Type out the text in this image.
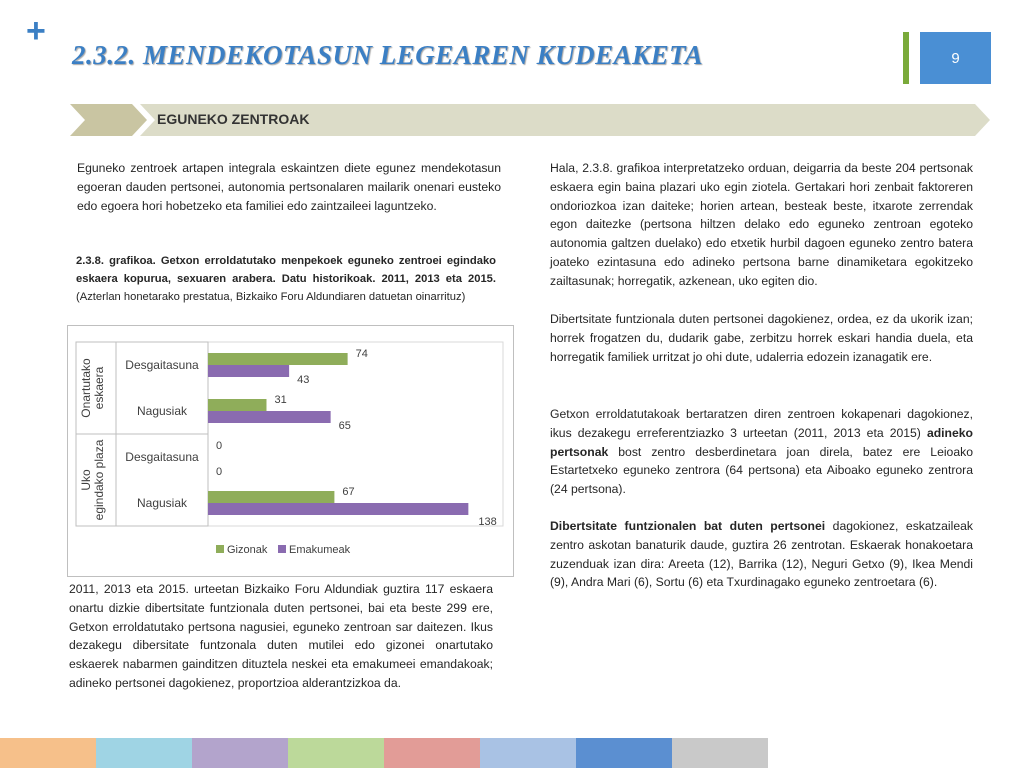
+
2.3.2. MENDEKOTASUN LEGEAREN KUDEAKETA	9
EGUNEKO ZENTROAK

Eguneko zentroek artapen integrala eskaintzen diete egunez mendekotasun egoeran dauden pertsonei, autonomia pertsonalaren mailarik onenari eusteko edo egoera hori hobetzeko eta familiei edo zaintzaileei laguntzeko.

2.3.8. grafikoa. Getxon erroldatutako menpekoek eguneko zentroei egindako eskaera kopurua, sexuaren arabera. Datu historikoak. 2011, 2013 eta 2015. (Azterlan honetarako prestatua, Bizkaiko Foru Aldundiaren datuetan oinarrituz)
Desgaitasuna
Nagusiak
Desgaitasuna
Nagusiak
Onartutakoeskaera
Ukoegindako plaza
74
43
31
65
0
0
67
138
Gizonak Emakumeak

2011, 2013 eta 2015. urteetan Bizkaiko Foru Aldundiak guztira 117 eskaera onartu dizkie dibertsitate funtzionala duten pertsonei, bai eta beste 299 ere, Getxon erroldatutako pertsona nagusiei, eguneko zentroan sar daitezen. Ikus dezakegu dibersitate funtzonala duten mutilei edo gizonei onartutako eskaerek nabarmen gainditzen dituztela neskei eta emakumeei emandakoak; adineko pertsonei dagokienez, proportzioa alderantzizkoa da.

Hala, 2.3.8. grafikoa interpretatzeko orduan, deigarria da beste 204 pertsonak eskaera egin baina plazari uko egin ziotela. Gertakari hori zenbait faktoreren ondoriozkoa izan daiteke; horien artean, besteak beste, itxarote zerrendak egon daitezke (pertsona hiltzen delako edo eguneko zentroan egoteko autonomia galtzen duelako) edo etxetik hurbil dagoen eguneko zentro batera joateko ezintasuna edo adineko pertsona barne dinamiketara egokitzeko zailtasunak; horregatik, azkenean, uko egiten dio.

Dibertsitate funtzionala duten pertsonei dagokienez, ordea, ez da ukorik izan; horrek frogatzen du, dudarik gabe, zerbitzu horrek eskari handia duela, eta horregatik familiek urritzat jo ohi dute, udalerria edozein izanagatik ere.

Getxon erroldatutakoak bertaratzen diren zentroen kokapenari dagokionez, ikus dezakegu erreferentziazko 3 urteetan (2011, 2013 eta 2015) adineko pertsonak bost zentro desberdinetara joan direla, batez ere Leioako Estartetxeko eguneko zentrora (64 pertsona) eta Aiboako eguneko zentrora (24 pertsona).

Dibertsitate funtzionalen bat duten pertsonei dagokionez, eskatzaileak zentro askotan banaturik daude, guztira 26 zentrotan. Eskaerak honakoetara zuzenduak izan dira: Areeta (12), Barrika (12), Neguri Getxo (9), Ikea Mendi (9), Andra Mari (6), Sortu (6) eta Txurdinagako eguneko zentroetara (6).
